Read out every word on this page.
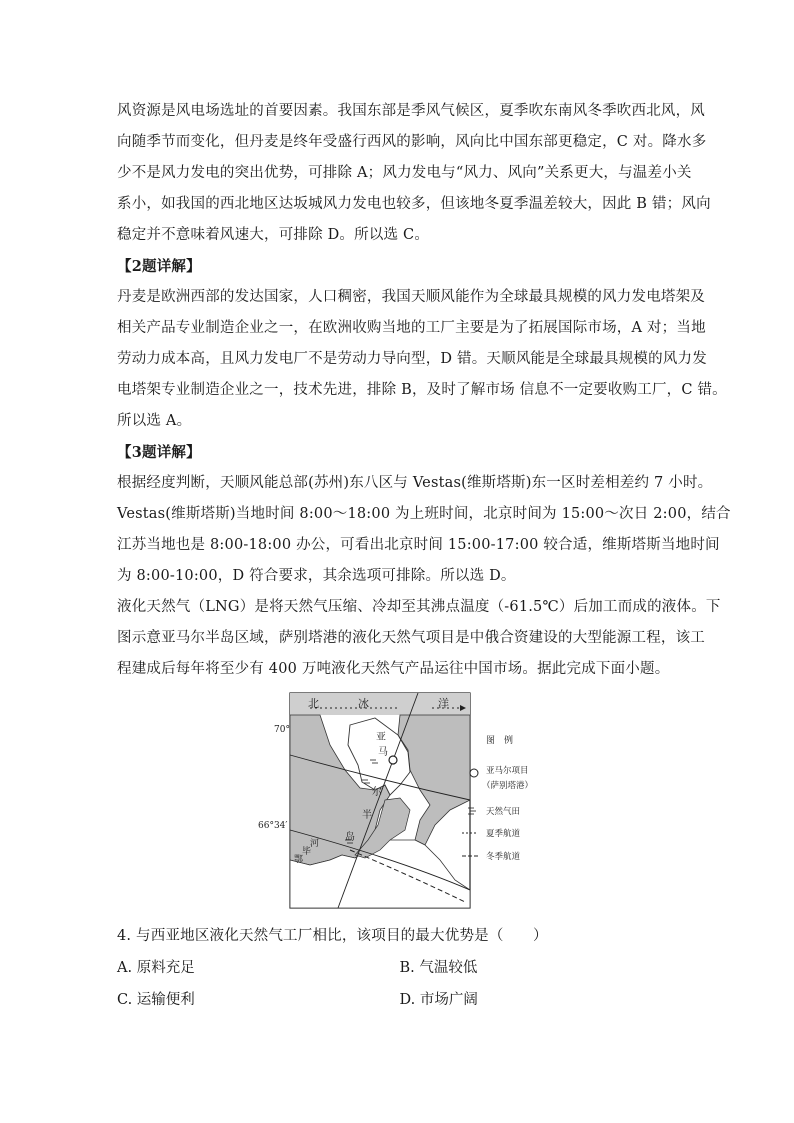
风资源是风电场选址的首要因素。我国东部是季风气候区，夏季吹东南风冬季吹西北风，风

向随季节而变化，但丹麦是终年受盛行西风的影响，风向比中国东部更稳定，C 对。降水多

少不是风力发电的突出优势，可排除 A；风力发电与“风力、风向”关系更大，与温差小关

系小，如我国的西北地区达坂城风力发电也较多，但该地冬夏季温差较大，因此 B 错；风向

稳定并不意味着风速大，可排除 D。所以选 C。

【2题详解】

丹麦是欧洲西部的发达国家，人口稠密，我国天顺风能作为全球最具规模的风力发电塔架及

相关产品专业制造企业之一，在欧洲收购当地的工厂主要是为了拓展国际市场，A 对；当地

劳动力成本高，且风力发电厂不是劳动力导向型，D 错。天顺风能是全球最具规模的风力发

电塔架专业制造企业之一，技术先进，排除 B，及时了解市场 信息不一定要收购工厂，C 错。

所以选 A。

【3题详解】

根据经度判断，天顺风能总部(苏州)东八区与 Vestas(维斯塔斯)东一区时差相差约 7 小时。

Vestas(维斯塔斯)当地时间 8:00～18:00 为上班时间，北京时间为 15:00～次日 2:00，结合

江苏当地也是 8:00-18:00 办公，可看出北京时间 15:00-17:00 较合适，维斯塔斯当地时间

为 8:00-10:00，D 符合要求，其余选项可排除。所以选 D。

液化天然气（LNG）是将天然气压缩、冷却至其沸点温度（-61.5℃）后加工而成的液体。下

图示意亚马尔半岛区域，萨别塔港的液化天然气项目是中俄合资建设的大型能源工程，该工

程建成后每年将至少有 400 万吨液化天然气产品运往中国市场。据此完成下面小题。

北	冰	洋
亚
马
尔
半
岛
鄂
毕
河
70°
66°34′
图　例
亚马尔项目
（萨别塔港）
天然气田
夏季航道
冬季航道

4. 与西亚地区液化天然气工厂相比，该项目的最大优势是（　　）

A. 原料充足	B. 气温较低
C. 运输便利	D. 市场广阔
